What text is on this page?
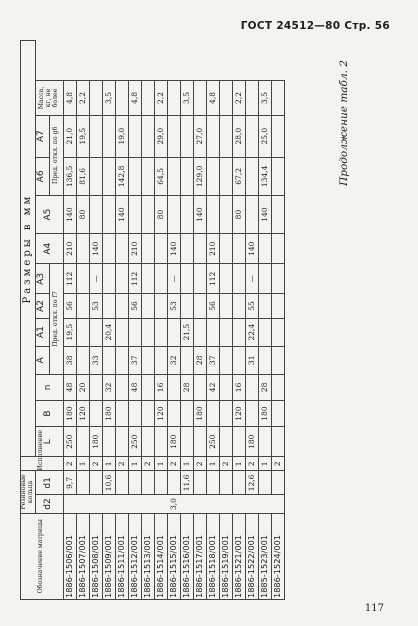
ГОСТ 24512—80 Стр. 56
Продолжение табл. 2
Обозначение матрицы	Резиновые кольца		Исполнение	Размеры в мм											
	d2	d1		L	B	n	A	A1	A2	A3	A4	A5	A6	A7	Масса, кг, не более
							Пред. откл. по f7						Пред. откл. по g6		
1886-1506/001	3,0	9,7	2	250	180	48	38	19,5	56	112	210	140	136,5	21,0	4,8
1886-1507/001			1		120	20						80	81,6	19,5	2,2
1886-1508/001			2	180			33		53	—	140				
1886-1509/001		10,6	1		180	32		20,4							3,5
1886-1511/001			2									140	142,8	19,0	
1886-1512/001			1	250		48	37		56	112	210				4,8
1886-1513/001			2												
1886-1514/001			1		120	16						80	64,5	29,0	2,2
1886-1515/001			2	180			32		53	—	140				
1886-1516/001		11,6	1			28		21,5							3,5
1886-1517/001			2		180		28					140	129,0	27,0	
1886-1518/001			1	250		42	37		56	112	210				4,8
1886-1519/001			2												
1886-1521/001			1		120	16						80	67,2	28,0	2,2
1886-1522/001		12,6	2	180			31	22,4	55	—	140				
1885-1523/001			1		180	28						140	134,4	25,0	3,5
1886-1524/001			2												
117
